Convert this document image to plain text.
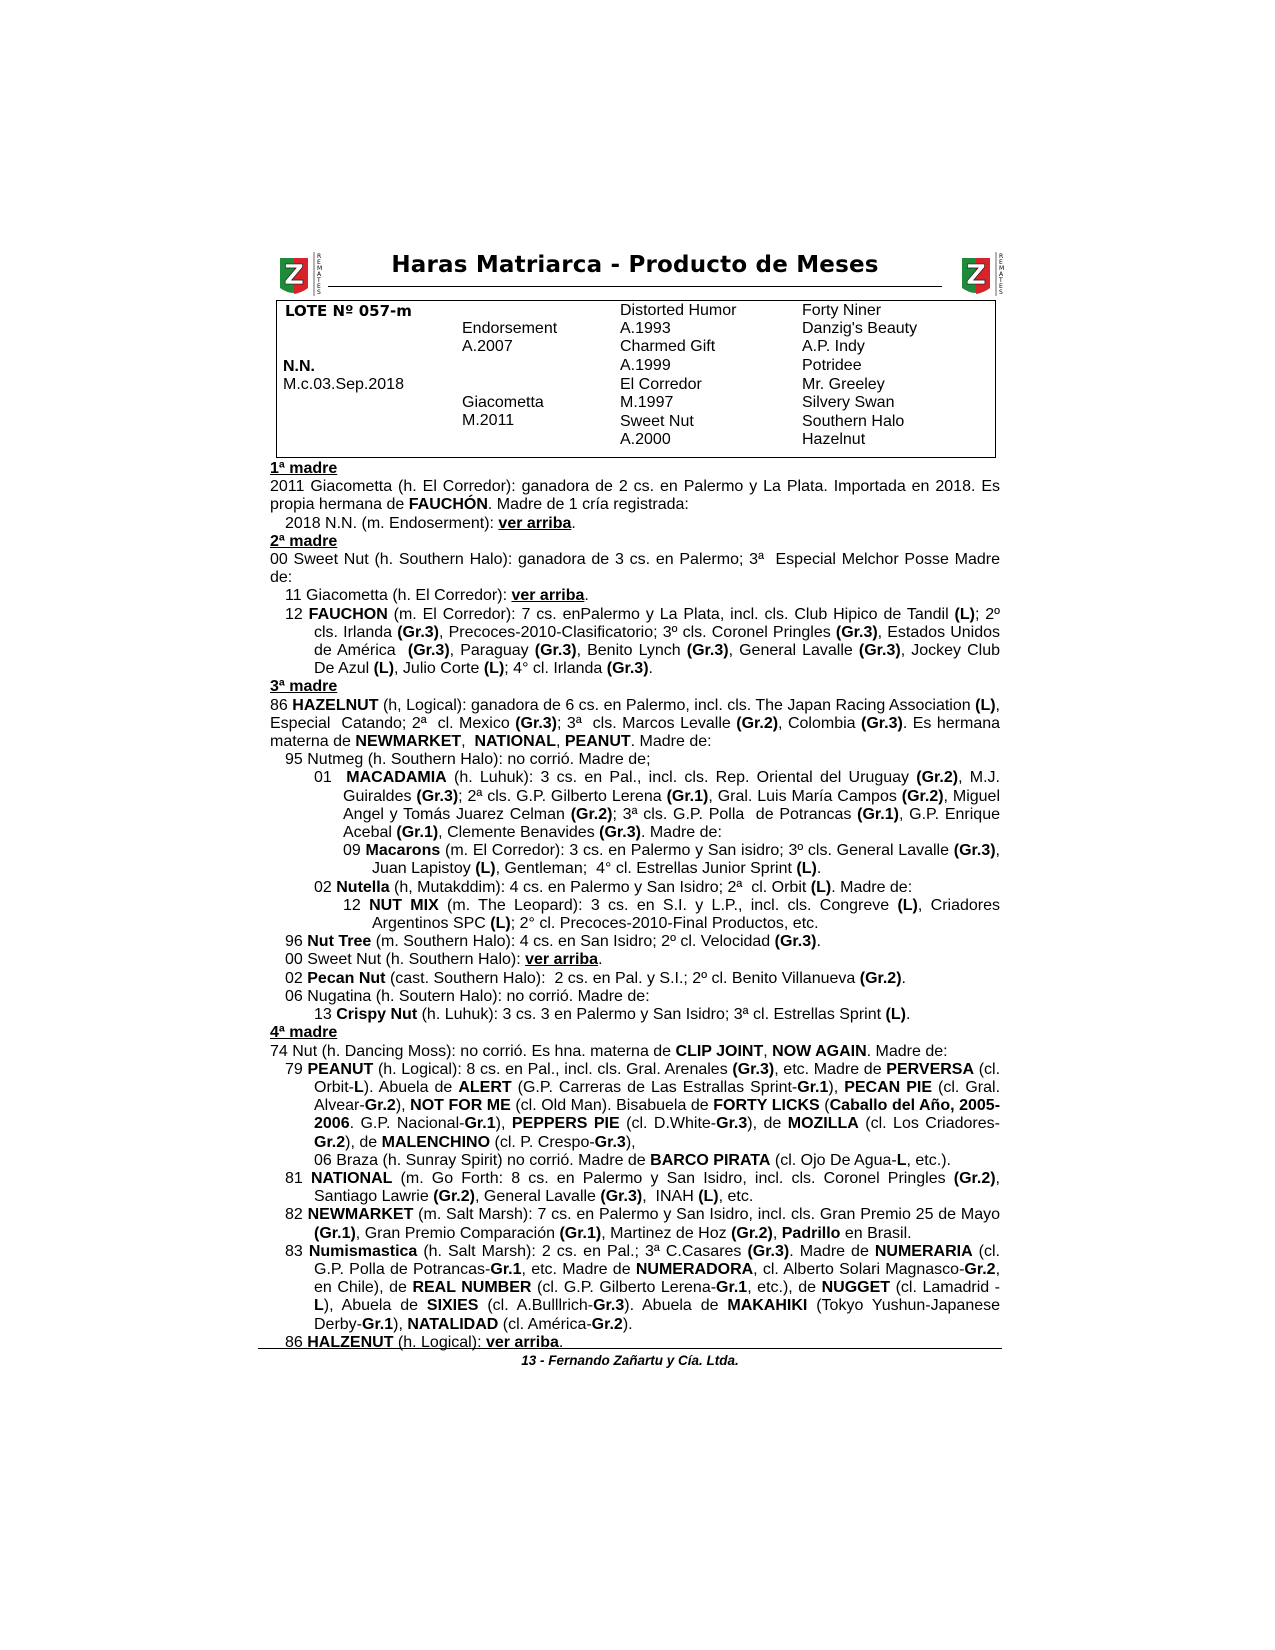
Z
R
E
M
A
T
E
S
Haras Matriarca - Producto de Meses	Z
R
E
M
A
T
E
S
LOTE Nº 057-m
N.N.
M.c.03.Sep.2018
Endorsement
A.2007
Giacometta
M.2011
Distorted Humor
A.1993
Charmed Gift
A.1999
El Corredor
M.1997
Sweet Nut
A.2000
Forty Niner
Danzig's Beauty
A.P. Indy
Potridee
Mr. Greeley
Silvery Swan
Southern Halo
Hazelnut
1ª madre

2011 Giacometta (h. El Corredor): ganadora de 2 cs. en Palermo y La Plata. Importada en 2018. Es propia hermana de FAUCHÓN. Madre de 1 cría registrada:

2018 N.N. (m. Endoserment): ver arriba.
2ª madre

00 Sweet Nut (h. Southern Halo): ganadora de 3 cs. en Palermo; 3ª  Especial Melchor Posse Madre de:

11 Giacometta (h. El Corredor): ver arriba.
12 FAUCHON (m. El Corredor): 7 cs. enPalermo y La Plata, incl. cls. Club Hipico de Tandil (L); 2º cls. Irlanda (Gr.3), Precoces-2010-Clasificatorio; 3º cls. Coronel Pringles (Gr.3), Estados Unidos de América  (Gr.3), Paraguay (Gr.3), Benito Lynch (Gr.3), General Lavalle (Gr.3), Jockey Club De Azul (L), Julio Corte (L); 4° cl. Irlanda (Gr.3).
3ª madre

86 HAZELNUT (h, Logical): ganadora de 6 cs. en Palermo, incl. cls. The Japan Racing Association (L), Especial  Catando; 2ª  cl. Mexico (Gr.3); 3ª  cls. Marcos Levalle (Gr.2), Colombia (Gr.3). Es hermana materna de NEWMARKET,  NATIONAL, PEANUT. Madre de:

95 Nutmeg (h. Southern Halo): no corrió. Madre de;
01  MACADAMIA (h. Luhuk): 3 cs. en Pal., incl. cls. Rep. Oriental del Uruguay (Gr.2), M.J. Guiraldes (Gr.3); 2ª cls. G.P. Gilberto Lerena (Gr.1), Gral. Luis María Campos (Gr.2), Miguel Angel y Tomás Juarez Celman (Gr.2); 3ª cls. G.P. Polla  de Potrancas (Gr.1), G.P. Enrique Acebal (Gr.1), Clemente Benavides (Gr.3). Madre de:
09 Macarons (m. El Corredor): 3 cs. en Palermo y San isidro; 3º cls. General Lavalle (Gr.3), Juan Lapistoy (L), Gentleman;  4° cl. Estrellas Junior Sprint (L).
02 Nutella (h, Mutakddim): 4 cs. en Palermo y San Isidro; 2ª  cl. Orbit (L). Madre de:
12 NUT MIX (m. The Leopard): 3 cs. en S.I. y L.P., incl. cls. Congreve (L), Criadores Argentinos SPC (L); 2° cl. Precoces-2010-Final Productos, etc.
96 Nut Tree (m. Southern Halo): 4 cs. en San Isidro; 2º cl. Velocidad (Gr.3).
00 Sweet Nut (h. Southern Halo): ver arriba.
02 Pecan Nut (cast. Southern Halo):  2 cs. en Pal. y S.I.; 2º cl. Benito Villanueva (Gr.2).
06 Nugatina (h. Soutern Halo): no corrió. Madre de:
13 Crispy Nut (h. Luhuk): 3 cs. 3 en Palermo y San Isidro; 3ª cl. Estrellas Sprint (L).
4ª madre

74 Nut (h. Dancing Moss): no corrió. Es hna. materna de CLIP JOINT, NOW AGAIN. Madre de:

79 PEANUT (h. Logical): 8 cs. en Pal., incl. cls. Gral. Arenales (Gr.3), etc. Madre de PERVERSA (cl. Orbit-L). Abuela de ALERT (G.P. Carreras de Las Estrallas Sprint-Gr.1), PECAN PIE (cl. Gral. Alvear-Gr.2), NOT FOR ME (cl. Old Man). Bisabuela de FORTY LICKS (Caballo del Año, 2005-2006. G.P. Nacional-Gr.1), PEPPERS PIE (cl. D.White-Gr.3), de MOZILLA (cl. Los Criadores-Gr.2), de MALENCHINO (cl. P. Crespo-Gr.3),
06 Braza (h. Sunray Spirit) no corrió. Madre de BARCO PIRATA (cl. Ojo De Agua-L, etc.).
81 NATIONAL (m. Go Forth: 8 cs. en Palermo y San Isidro, incl. cls. Coronel Pringles (Gr.2), Santiago Lawrie (Gr.2), General Lavalle (Gr.3),  INAH (L), etc.
82 NEWMARKET (m. Salt Marsh): 7 cs. en Palermo y San Isidro, incl. cls. Gran Premio 25 de Mayo (Gr.1), Gran Premio Comparación (Gr.1), Martinez de Hoz (Gr.2), Padrillo en Brasil.
83 Numismastica (h. Salt Marsh): 2 cs. en Pal.; 3ª C.Casares (Gr.3). Madre de NUMERARIA (cl. G.P. Polla de Potrancas-Gr.1, etc. Madre de NUMERADORA, cl. Alberto Solari Magnasco-Gr.2, en Chile), de REAL NUMBER (cl. G.P. Gilberto Lerena-Gr.1, etc.), de NUGGET (cl. Lamadrid -L), Abuela de SIXIES (cl. A.Bulllrich-Gr.3). Abuela de MAKAHIKI (Tokyo Yushun-Japanese Derby-Gr.1), NATALIDAD (cl. América-Gr.2).
86 HALZENUT (h. Logical): ver arriba.
13 - Fernando Zañartu y Cía. Ltda.
